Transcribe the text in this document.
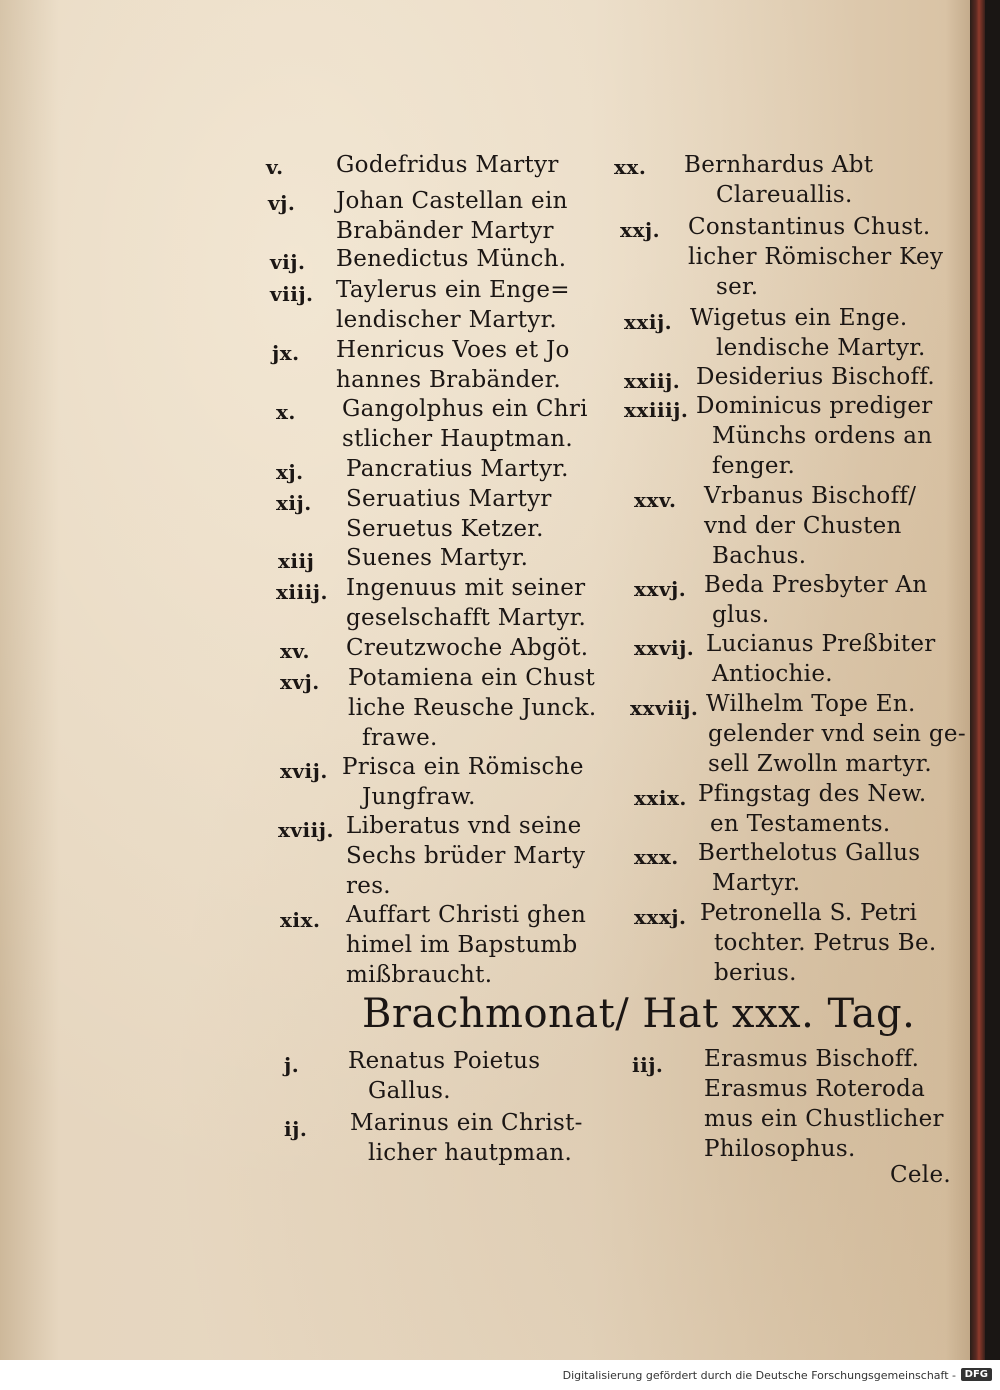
v. Godefridus Martyr
vj. Johan Castellan ein
Brabänder Martyr
vij. Benedictus Münch.
viij. Taylerus ein Enge=
lendischer Martyr.
jx. Henricus Voes et Jo
hannes Brabänder.
x. Gangolphus ein Chri
stlicher Hauptman.
xj. Pancratius Martyr.
xij. Seruatius Martyr
Seruetus Ketzer.
xiij Suenes Martyr.
xiiij. Ingenuus mit seiner
geselschafft Martyr.
xv. Creutzwoche Abgöt.
xvj. Potamiena ein Chust
liche Reusche Junck.
frawe.
xvij. Prisca ein Römische
Jungfraw.
xviij. Liberatus vnd seine
Sechs brüder Marty
res.
xix. Auffart Christi ghen
himel im Bapstumb
mißbraucht.
xx. Bernhardus Abt
Clareuallis.
xxj. Constantinus Chust.
licher Römischer Key
ser.
xxij. Wigetus ein Enge.
lendische Martyr.
xxiij. Desiderius Bischoff.
xxiiij. Dominicus prediger
Münchs ordens an
fenger.
xxv. Vrbanus Bischoff/
vnd der Chusten
Bachus.
xxvj. Beda Presbyter An
glus.
xxvij. Lucianus Preßbiter
Antiochie.
xxviij. Wilhelm Tope En.
gelender vnd sein ge-
sell Zwolln martyr.
xxix. Pfingstag des New.
en Testaments.
xxx. Berthelotus Gallus
Martyr.
xxxj. Petronella S. Petri
tochter. Petrus Be.
berius.
Brachmonat/ Hat xxx. Tag.
j. Renatus Poietus
Gallus.
ij. Marinus ein Christ-
licher hautpman.
iij. Erasmus Bischoff.
Erasmus Roteroda
mus ein Chustlicher
Philosophus.
Cele.
Digitalisierung gefördert durch die Deutsche Forschungsgemeinschaft - DFG
